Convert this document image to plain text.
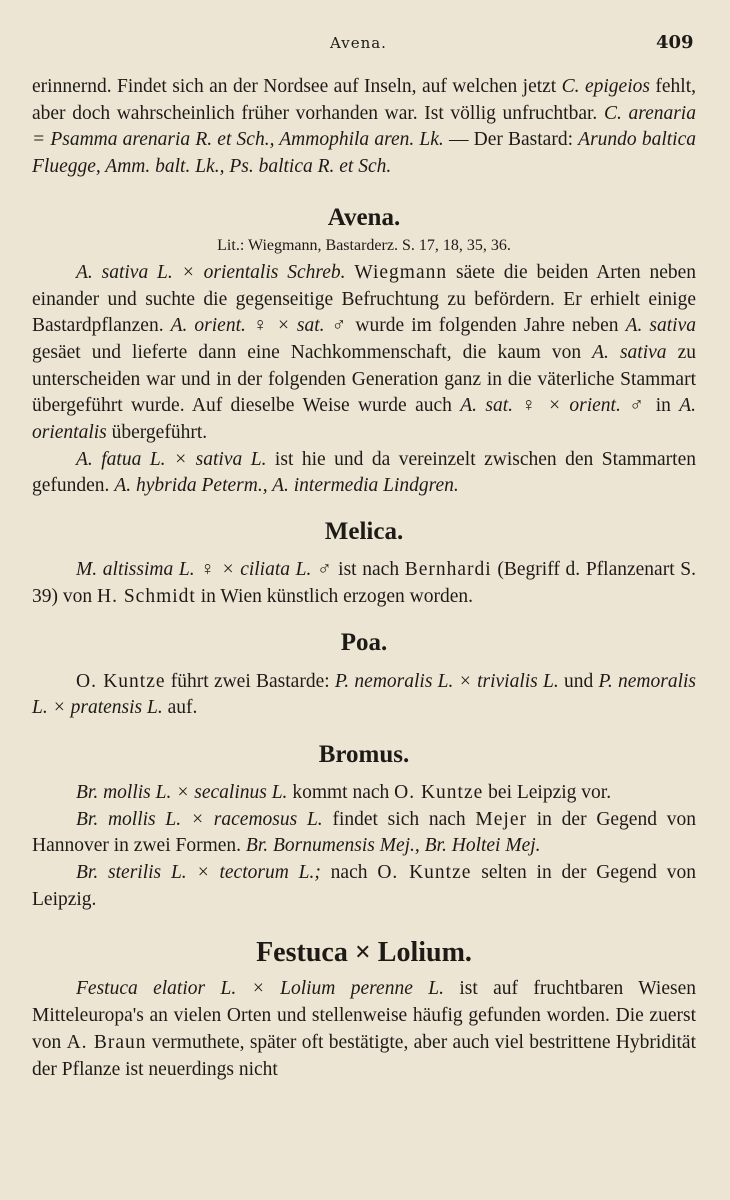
Avena.	409

erinnernd. Findet sich an der Nordsee auf Inseln, auf welchen jetzt C. epigeios fehlt, aber doch wahrscheinlich früher vorhanden war. Ist völlig unfruchtbar. C. arenaria = Psamma arenaria R. et Sch., Ammophila aren. Lk. — Der Bastard: Arundo baltica Fluegge, Amm. balt. Lk., Ps. baltica R. et Sch.

Avena.

Lit.: Wiegmann, Bastarderz. S. 17, 18, 35, 36.

A. sativa L. × orientalis Schreb. Wiegmann säete die beiden Arten neben einander und suchte die gegenseitige Befruchtung zu befördern. Er erhielt einige Bastardpflanzen. A. orient. ♀ × sat. ♂ wurde im folgenden Jahre neben A. sativa gesäet und lieferte dann eine Nachkommenschaft, die kaum von A. sativa zu unterscheiden war und in der folgenden Generation ganz in die väterliche Stammart übergeführt wurde. Auf dieselbe Weise wurde auch A. sat. ♀ × orient. ♂ in A. orientalis übergeführt.

A. fatua L. × sativa L. ist hie und da vereinzelt zwischen den Stammarten gefunden. A. hybrida Peterm., A. intermedia Lindgren.

Melica.

M. altissima L. ♀ × ciliata L. ♂ ist nach Bernhardi (Begriff d. Pflanzenart S. 39) von H. Schmidt in Wien künstlich erzogen worden.

Poa.

O. Kuntze führt zwei Bastarde: P. nemoralis L. × trivialis L. und P. nemoralis L. × pratensis L. auf.

Bromus.

Br. mollis L. × secalinus L. kommt nach O. Kuntze bei Leipzig vor.

Br. mollis L. × racemosus L. findet sich nach Mejer in der Gegend von Hannover in zwei Formen. Br. Bornumensis Mej., Br. Holtei Mej.

Br. sterilis L. × tectorum L.; nach O. Kuntze selten in der Gegend von Leipzig.

Festuca × Lolium.

Festuca elatior L. × Lolium perenne L. ist auf fruchtbaren Wiesen Mitteleuropa's an vielen Orten und stellenweise häufig gefunden worden. Die zuerst von A. Braun vermuthete, später oft bestätigte, aber auch viel bestrittene Hybridität der Pflanze ist neuerdings nicht
